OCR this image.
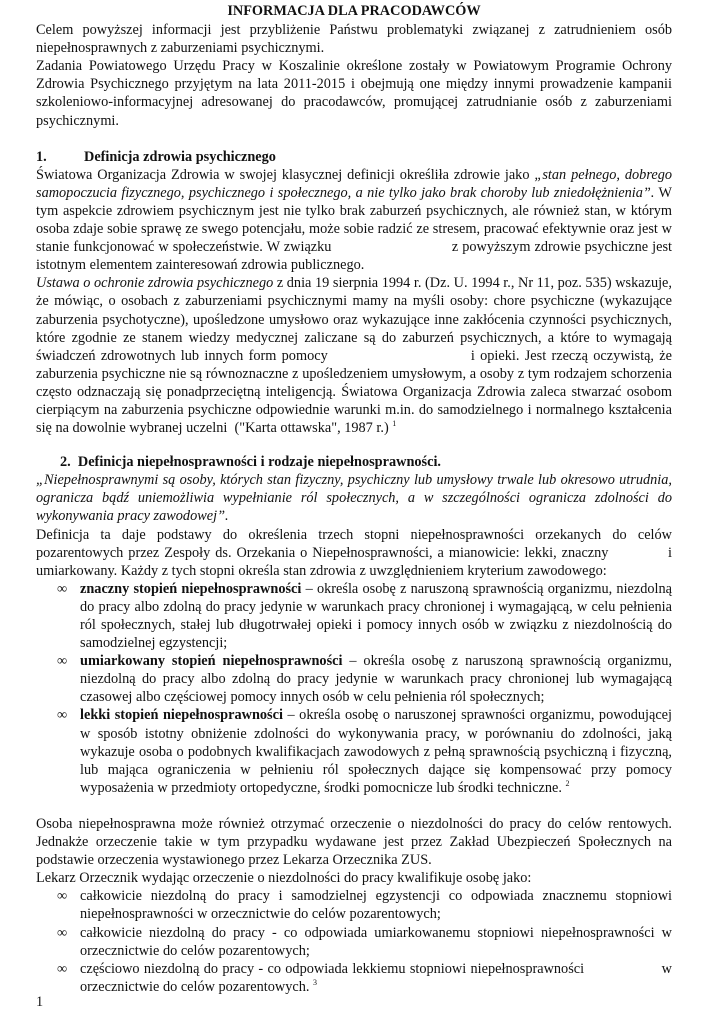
INFORMACJA DLA PRACODAWCÓW

Celem powyższej informacji jest przybliżenie Państwu problematyki związanej z zatrudnieniem osób niepełnosprawnych z zaburzeniami psychicznymi.

Zadania Powiatowego Urzędu Pracy w Koszalinie określone zostały w Powiatowym Programie Ochrony Zdrowia Psychicznego przyjętym na lata 2011-2015 i obejmują one między innymi prowadzenie kampanii szkoleniowo-informacyjnej adresowanej do pracodawców, promującej zatrudnianie osób z zaburzeniami psychicznymi.

1.	Definicja zdrowia psychicznego

Światowa Organizacja Zdrowia w swojej klasycznej definicji określiła zdrowie jako „stan pełnego, dobrego samopoczucia fizycznego, psychicznego i społecznego, a nie tylko jako brak choroby lub zniedołężnienia”. W tym aspekcie zdrowiem psychicznym jest nie tylko brak zaburzeń psychicznych, ale również stan, w którym osoba zdaje sobie sprawę ze swego potencjału, może sobie radzić ze stresem, pracować efektywnie oraz jest w stanie funkcjonować w społeczeństwie. W związku                              z powyższym zdrowie psychiczne jest istotnym elementem zainteresowań zdrowia publicznego.

Ustawa o ochronie zdrowia psychicznego z dnia 19 sierpnia 1994 r. (Dz. U. 1994 r., Nr 11, poz. 535) wskazuje, że mówiąc, o osobach z zaburzeniami psychicznymi mamy na myśli osoby: chore psychiczne (wykazujące zaburzenia psychotyczne), upośledzone umysłowo oraz wykazujące inne zakłócenia czynności psychicznych, które zgodnie ze stanem wiedzy medycznej zaliczane są do zaburzeń psychicznych, a które to wymagają świadczeń zdrowotnych lub innych form pomocy                           i opieki. Jest rzeczą oczywistą, że zaburzenia psychiczne nie są równoznaczne z upośledzeniem umysłowym, a osoby z tym rodzajem schorzenia często odznaczają się ponadprzeciętną inteligencją. Światowa Organizacja Zdrowia zaleca stwarzać osobom cierpiącym na zaburzenia psychiczne odpowiednie warunki m.in. do samodzielnego i normalnego kształcenia się na dowolnie wybranej uczelni  ("Karta ottawska", 1987 r.) $^1$

2. Definicja niepełnosprawności i rodzaje niepełnosprawności.

„Niepełnosprawnymi są osoby, których stan fizyczny, psychiczny lub umysłowy trwale lub okresowo utrudnia, ogranicza bądź uniemożliwia wypełnianie ról społecznych, a w szczególności ogranicza zdolności do wykonywania pracy zawodowej”.

Definicja ta daje podstawy do określenia trzech stopni niepełnosprawności orzekanych do celów pozarentowych przez Zespoły ds. Orzekania o Niepełnosprawności, a mianowicie: lekki, znaczny            i umiarkowany. Każdy z tych stopni określa stan zdrowia z uwzględnieniem kryterium zawodowego:

∞ znaczny stopień niepełnosprawności – określa osobę z naruszoną sprawnością organizmu, niezdolną do pracy albo zdolną do pracy jedynie w warunkach pracy chronionej i wymagającą, w celu pełnienia ról społecznych, stałej lub długotrwałej opieki i pomocy innych osób w związku z niezdolnością do samodzielnej egzystencji;
∞ umiarkowany stopień niepełnosprawności – określa osobę z naruszoną sprawnością organizmu, niezdolną do pracy albo zdolną do pracy jedynie w warunkach pracy chronionej lub wymagającą czasowej albo częściowej pomocy innych osób w celu pełnienia ról społecznych;
∞ lekki stopień niepełnosprawności – określa osobę o naruszonej sprawności organizmu, powodującej w sposób istotny obniżenie zdolności do wykonywania pracy, w porównaniu do zdolności, jaką wykazuje osoba o podobnych kwalifikacjach zawodowych z pełną sprawnością psychiczną i fizyczną, lub mająca ograniczenia w pełnieniu ról społecznych dające się kompensować przy pomocy wyposażenia w przedmioty ortopedyczne, środki pomocnicze lub środki techniczne. $^2$

Osoba niepełnosprawna może również otrzymać orzeczenie o niezdolności do pracy do celów rentowych. Jednakże orzeczenie takie w tym przypadku wydawane jest przez Zakład Ubezpieczeń Społecznych na podstawie orzeczenia wystawionego przez Lekarza Orzecznika ZUS.

Lekarz Orzecznik wydając orzeczenie o niezdolności do pracy kwalifikuje osobę jako:

∞ całkowicie niezdolną do pracy i samodzielnej egzystencji co odpowiada znacznemu stopniowi niepełnosprawności w orzecznictwie do celów pozarentowych;
∞ całkowicie niezdolną do pracy - co odpowiada umiarkowanemu stopniowi niepełnosprawności w orzecznictwie do celów pozarentowych;
∞ częściowo niezdolną do pracy - co odpowiada lekkiemu stopniowi niepełnosprawności                  w orzecznictwie do celów pozarentowych. $^3$
1
